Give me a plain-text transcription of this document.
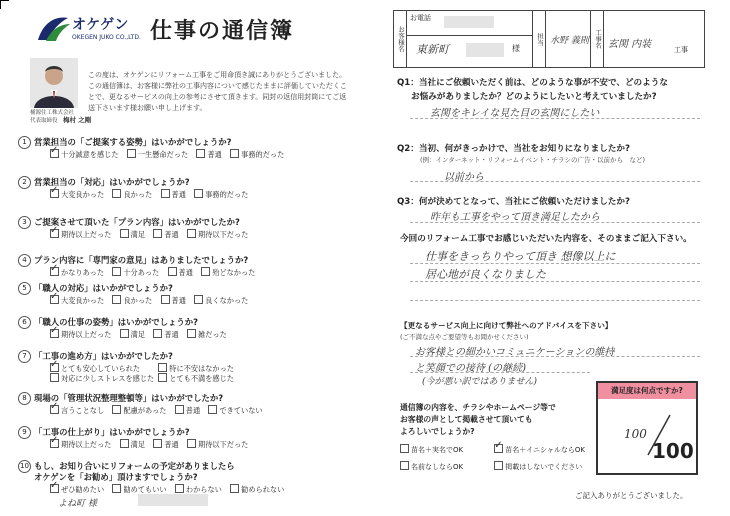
オケゲン
OKEGEN JUKO CO.,LTD. 仕事の通信簿
桶源住工株式会社
代表取締役　 梅村 之剛
この度は、オケゲンにリフォーム工事をご用命頂き誠にありがとうございました。この通信簿は、お客様に弊社の工事内容について感じたままに評価していただくことで、更なるサービスの向上の参考にさせて頂きます。同封の返信用封筒にてご返送下さいます様お願い申し上げます。
1 営業担当の「ご提案する姿勢」はいかがでしょうか?
✓十分誠意を感じた	一生懸命だった	普通	事務的だった
2 営業担当の「対応」はいかがでしょうか?
✓大変良かった	良かった	普通	事務的だった
3 ご提案させて頂いた「プラン内容」はいかがでしたか?
✓期待以上だった	満足	普通	期待以下だった
4 プラン内容に「専門家の意見」はありましたでしょうか?
✓かなりあった	十分あった	普通	殆どなかった
5 「職人の対応」はいかがでしょうか?
✓大変良かった	良かった	普通	良くなかった
6 「職人の仕事の姿勢」はいかがでしょうか?
✓期待以上だった	満足	普通	雑だった
7 「工事の進め方」はいかがでしたか?
✓とても安心していられた	特に不安はなかった
対応に少しストレスを感じた とても不満を感じた
8 現場の「管理状況整理整頓等」はいかがでしたか?
✓言うことなし	配慮があった	普通	できていない
9 「工事の仕上がり」はいかがでしょうか?
✓期待以上だった	満足	普通	期待以下だった
10 もし、お知り合いにリフォームの予定がありましたら
オケゲンを「お勧め」頂けますでしょうか?
✓ぜひ勧めたい	勧めてもいい	わからない	勧められない
よね町 様
お客様名
お電話
東新町	様
担当 水野 義則 工事名 玄関 内装	工事
Q1：当社にご依頼いただく前は、どのような事が不安で、どのような
お悩みがありましたか？どのようにしたいと考えていましたか?
玄関をキレイな見た目の玄関にしたい
Q2：当初、何がきっかけで、当社をお知りになりましたか?
(例：インターネット・リフォームイベント・チラシの广告・以前から　など)
以前から
Q3：何が決めてとなって、当社にご依頼いただけましたか?
昨年も工事をやって頂き満足したから
今回のリフォーム工事でお感じいただいた内容を、そのままご記入下さい。
仕事をきっちりやって頂き 想像以上に
居心地が良くなりました
【更なるサービス向上に向けて弊社へのアドバイスを下さい】
(ご不満な点やご要望等もお聞かせください)
お客様との細かいコミュニケーションの維持
と笑顔での接待 (の継続)
(今が悪い訳ではありません)
通信簿の内容を、チラシやホームページ等で
お客様の声として掲載させて頂いても
よろしいでしょうか?
苗名＋実名でOK ✓	苗名＋イニシャルならOK
名前なしならOK	掲載はしないでください
満足度は何点ですか?
100
100
ご記入ありがとうございました。
